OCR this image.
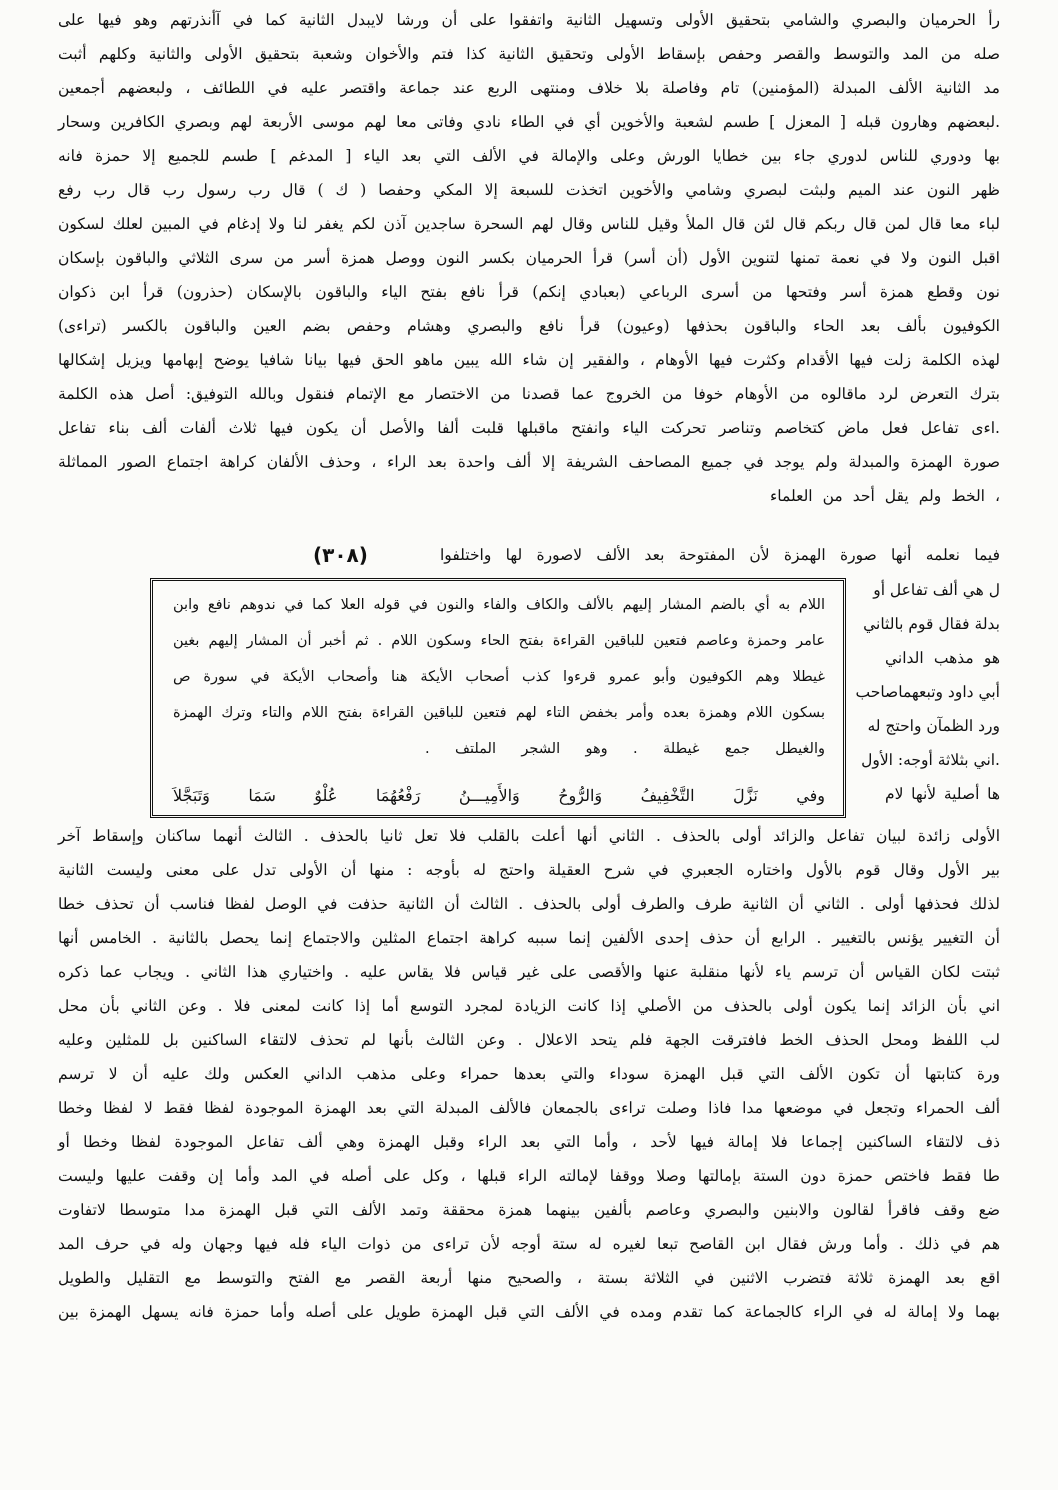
رأ الحرميان والبصري والشامي بتحقيق الأولى وتسهيل الثانية واتفقوا على أن ورشا لايبدل الثانية كما في آأنذرتهم وهو فيها على
صله من المد والتوسط والقصر وحفص بإسقاط الأولى وتحقيق الثانية كذا فتم والأخوان وشعبة بتحقيق الأولى والثانية وكلهم أثبت
مد الثانية الألف المبدلة (المؤمنين) تام وفاصلة بلا خلاف ومنتهى الربع عند جماعة واقتصر عليه في اللطائف ، ولبعضهم أجمعين
.لبعضهم وهارون قبله [ المعزل ] طسم لشعبة والأخوين أي في الطاء نادي وفاتى معا لهم موسى الأربعة لهم وبصري الكافرين وسحار
بها ودوري للناس لدوري جاء بين خطايا الورش وعلى والإمالة في الألف التي بعد الياء [ المدغم ] طسم للجميع إلا حمزة فانه
ظهر النون عند الميم ولبثت لبصري وشامي والأخوين اتخذت للسبعة إلا المكي وحفصا ( ك ) قال رب رسول رب قال رب رفع
لباء معا قال لمن قال ربكم قال لئن قال الملأ وقيل للناس وقال لهم السحرة ساجدين آذن لكم يغفر لنا ولا إدغام في المبين لعلك لسكون
اقبل النون ولا في نعمة تمنها لتنوين الأول (أن أسر) قرأ الحرميان بكسر النون ووصل همزة أسر من سرى الثلاثي والباقون بإسكان
نون وقطع همزة أسر وفتحها من أسرى الرباعي (بعبادي إنكم) قرأ نافع بفتح الياء والباقون بالإسكان (حذرون) قرأ ابن ذكوان
الكوفيون بألف بعد الحاء والباقون بحذفها (وعيون) قرأ نافع والبصري وهشام وحفص بضم العين والباقون بالكسر (تراءى)
لهذه الكلمة زلت فيها الأقدام وكثرت فيها الأوهام ، والفقير إن شاء الله يبين ماهو الحق فيها بيانا شافيا يوضح إبهامها ويزيل إشكالها
بترك التعرض لرد ماقالوه من الأوهام خوفا من الخروج عما قصدنا من الاختصار مع الإتمام فنقول وبالله التوفيق: أصل هذه الكلمة
.اءى تفاعل فعل ماض كتخاصم وتناصر تحركت الياء وانفتح ماقبلها قلبت ألفا والأصل أن يكون فيها ثلاث ألفات ألف بناء تفاعل
صورة الهمزة والمبدلة ولم يوجد في جميع المصاحف الشريفة إلا ألف واحدة بعد الراء ، وحذف الألفان كراهة اجتماع الصور المماثلة
، الخط ولم يقل أحد من العلماء
فيما نعلمه أنها صورة الهمزة لأن المفتوحة بعد الألف لاصورة لها واختلفوا
(٣٠٨)
ل هي ألف تفاعل أو
بدلة فقال قوم بالثاني
هو مذهب الداني
أبي داود وتبعهماصاحب
ورد الظمآن واحتج له
.اني بثلاثة أوجه: الأول
ها أصلية لأنها لام
اللام به أي بالضم المشار إليهم بالألف والكاف والفاء والنون في قوله العلا كما في ندوهم نافع وابن
عامر وحمزة وعاصم فتعين للباقين القراءة بفتح الحاء وسكون اللام . ثم أخبر أن المشار إليهم بغين
غيطلا وهم الكوفيون وأبو عمرو قرءوا كذب أصحاب الأيكة هنا وأصحاب الأيكة في سورة ص
بسكون اللام وهمزة بعده وأمر بخفض التاء لهم فتعين للباقين القراءة بفتح اللام والتاء وترك الهمزة
والغيطل جمع غيطلة . وهو الشجر الملتف .
وفي نَزَّلَ التَّخْفِيفُ وَالرُّوحُ وَالأَمِيـــنُ رَفْعُهُمَا عُلْوٌ سَمَا وَتَبَجَّلاَ
الأولى زائدة لبيان تفاعل والزائد أولى بالحذف . الثاني أنها أعلت بالقلب فلا تعل ثانيا بالحذف . الثالث أنهما ساكنان وإسقاط آخر
بير الأول وقال قوم بالأول واختاره الجعبري في شرح العقيلة واحتج له بأوجه : منها أن الأولى تدل على معنى وليست الثانية
لذلك فحذفها أولى . الثاني أن الثانية طرف والطرف أولى بالحذف . الثالث أن الثانية حذفت في الوصل لفظا فناسب أن تحذف خطا
أن التغيير يؤنس بالتغيير . الرابع أن حذف إحدى الألفين إنما سببه كراهة اجتماع المثلين والاجتماع إنما يحصل بالثانية . الخامس أنها
ثبتت لكان القياس أن ترسم ياء لأنها منقلبة عنها والأقصى على غير قياس فلا يقاس عليه . واختياري هذا الثاني . ويجاب عما ذكره
اني بأن الزائد إنما يكون أولى بالحذف من الأصلي إذا كانت الزيادة لمجرد التوسع أما إذا كانت لمعنى فلا . وعن الثاني بأن محل
لب اللفظ ومحل الحذف الخط فافترقت الجهة فلم يتحد الاعلال . وعن الثالث بأنها لم تحذف لالتقاء الساكنين بل للمثلين وعليه
ورة كتابتها أن تكون الألف التي قبل الهمزة سوداء والتي بعدها حمراء وعلى مذهب الداني العكس ولك عليه أن لا ترسم
ألف الحمراء وتجعل في موضعها مدا فاذا وصلت تراءى بالجمعان فالألف المبدلة التي بعد الهمزة الموجودة لفظا فقط لا لفظا وخطا
ذف لالتقاء الساكنين إجماعا فلا إمالة فيها لأحد ، وأما التي بعد الراء وقبل الهمزة وهي ألف تفاعل الموجودة لفظا وخطا أو
طا فقط فاختص حمزة دون الستة بإمالتها وصلا ووقفا لإمالته الراء قبلها ، وكل على أصله في المد وأما إن وقفت عليها وليست
ضع وقف فاقرأ لقالون والابنين والبصري وعاصم بألفين بينهما همزة محققة وتمد الألف التي قبل الهمزة مدا متوسطا لاتفاوت
هم في ذلك . وأما ورش فقال ابن القاصح تبعا لغيره له ستة أوجه لأن تراءى من ذوات الياء فله فيها وجهان وله في حرف المد
اقع بعد الهمزة ثلاثة فتضرب الاثنين في الثلاثة بستة ، والصحيح منها أربعة القصر مع الفتح والتوسط مع التقليل والطويل
بهما ولا إمالة له في الراء كالجماعة كما تقدم ومده في الألف التي قبل الهمزة طويل على أصله وأما حمزة فانه يسهل الهمزة بين
